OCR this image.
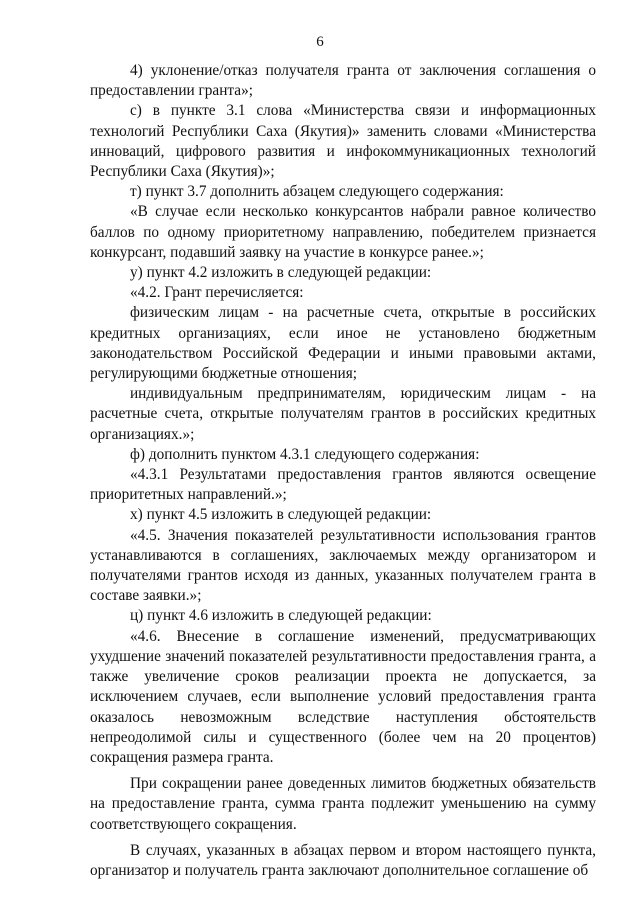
6

4) уклонение/отказ получателя гранта от заключения соглашения о предоставлении гранта»;

с) в пункте 3.1 слова «Министерства связи и информационных технологий Республики Саха (Якутия)» заменить словами «Министерства инноваций, цифрового развития и инфокоммуникационных технологий Республики Саха (Якутия)»;

т) пункт 3.7 дополнить абзацем следующего содержания:

«В случае если несколько конкурсантов набрали равное количество баллов по одному приоритетному направлению, победителем признается конкурсант, подавший заявку на участие в конкурсе ранее.»;

у) пункт 4.2 изложить в следующей редакции:

«4.2. Грант перечисляется:

физическим лицам - на расчетные счета, открытые в российских кредитных организациях, если иное не установлено бюджетным законодательством Российской Федерации и иными правовыми актами, регулирующими бюджетные отношения;

индивидуальным предпринимателям, юридическим лицам - на расчетные счета, открытые получателям грантов в российских кредитных организациях.»;

ф) дополнить пунктом 4.3.1 следующего содержания:

«4.3.1 Результатами предоставления грантов являются освещение приоритетных направлений.»;

х) пункт 4.5 изложить в следующей редакции:

«4.5. Значения показателей результативности использования грантов устанавливаются в соглашениях, заключаемых между организатором и получателями грантов исходя из данных, указанных получателем гранта в составе заявки.»;

ц) пункт 4.6 изложить в следующей редакции:

«4.6. Внесение в соглашение изменений, предусматривающих ухудшение значений показателей результативности предоставления гранта, а также увеличение сроков реализации проекта не допускается, за исключением случаев, если выполнение условий предоставления гранта оказалось невозможным вследствие наступления обстоятельств непреодолимой силы и существенного (более чем на 20 процентов) сокращения размера гранта.

При сокращении ранее доведенных лимитов бюджетных обязательств на предоставление гранта, сумма гранта подлежит уменьшению на сумму соответствующего сокращения.

В случаях, указанных в абзацах первом и втором настоящего пункта, организатор и получатель гранта заключают дополнительное соглашение об
